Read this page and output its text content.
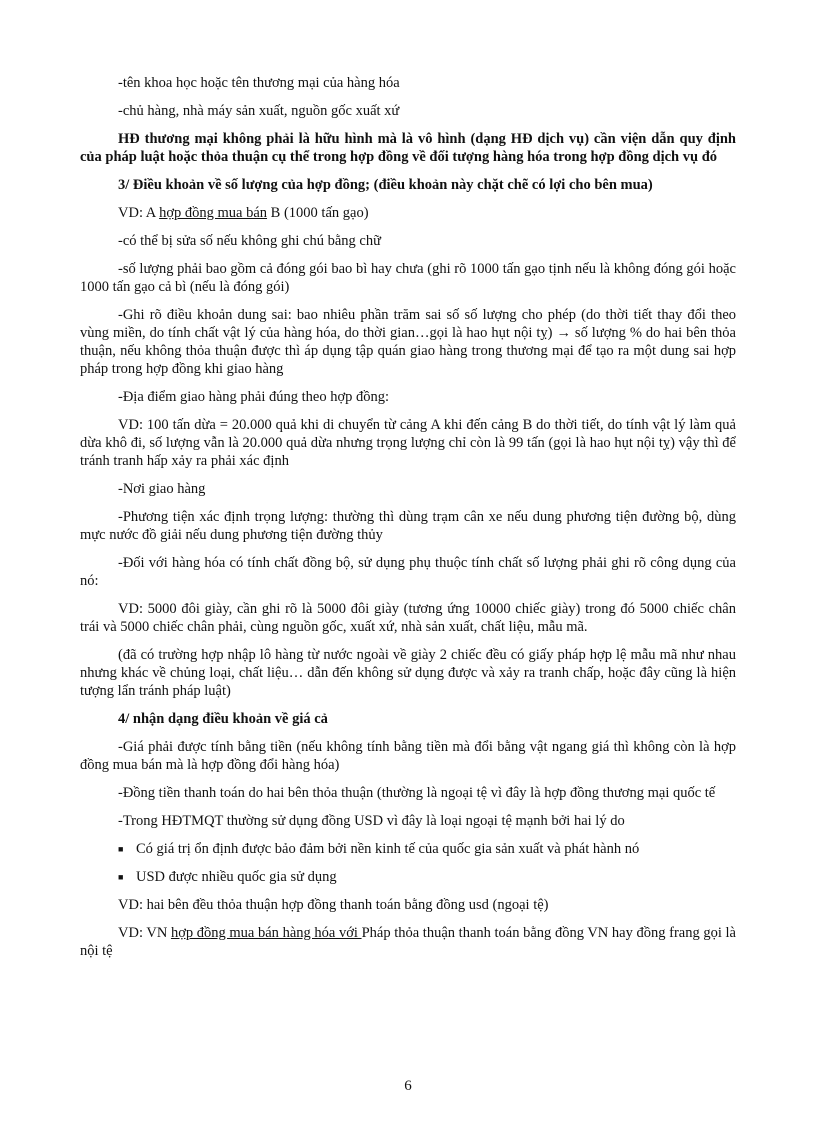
-tên khoa học hoặc tên thương mại của hàng hóa

-chủ hàng, nhà máy sản xuất, nguồn gốc xuất xứ

HĐ thương mại không phải là hữu hình mà là vô hình (dạng HĐ dịch vụ) cần viện dẫn quy định của pháp luật hoặc thỏa thuận cụ thể trong hợp đồng về đối tượng hàng hóa trong hợp đồng dịch vụ đó

3/ Điều khoản về số lượng của hợp đồng; (điều khoản này chặt chẽ có lợi cho bên mua)

VD: A hợp đồng mua bán B (1000 tấn gạo)

-có thể bị sửa số nếu không ghi chú bằng chữ

-số lượng phải bao gồm cả đóng gói bao bì hay chưa (ghi rõ 1000 tấn gạo tịnh nếu là không đóng gói hoặc 1000 tấn gạo cả bì (nếu là đóng gói)

-Ghi rõ điều khoản dung sai: bao nhiêu phần trăm sai số số lượng cho phép (do thời tiết thay đổi theo vùng miền, do tính chất vật lý của hàng hóa, do thời gian…gọi là hao hụt nội tỵ) → số lượng % do hai bên thỏa thuận, nếu không thỏa thuận được thì áp dụng tập quán giao hàng trong thương mại để tạo ra một dung sai hợp pháp trong hợp đồng khi giao hàng

-Địa điểm giao hàng phải đúng theo hợp đồng:

VD: 100 tấn dừa = 20.000 quả khi di chuyển từ cảng A khi đến cảng B do thời tiết, do tính vật lý làm quả dừa khô đi, số lượng vẫn là 20.000 quả dừa nhưng trọng lượng chỉ còn là 99 tấn (gọi là hao hụt nội tỵ) vậy thì để tránh tranh hấp xảy ra phải xác định

-Nơi giao hàng

-Phương tiện xác định trọng lượng: thường thì dùng trạm cân xe nếu dung phương tiện đường bộ, dùng mực nước đồ giải nếu dung phương tiện đường thủy

-Đối với hàng hóa có tính chất đồng bộ, sử dụng phụ thuộc tính chất số lượng phải ghi rõ công dụng của nó:

VD: 5000 đôi giày, cần ghi rõ là 5000 đôi giày (tương ứng 10000 chiếc giày) trong đó 5000 chiếc chân trái và 5000 chiếc chân phải, cùng nguồn gốc, xuất xứ, nhà sản xuất, chất liệu, mẫu mã.

(đã có trường hợp nhập lô hàng từ nước ngoài về giày 2 chiếc đều có giấy pháp hợp lệ mẫu mã như nhau nhưng khác về chủng loại, chất liệu… dẫn đến không sử dụng được và xảy ra tranh chấp, hoặc đây cũng là hiện tượng lẩn tránh pháp luật)

4/ nhận dạng điều khoản về giá cả

-Giá phải được tính bằng tiền (nếu không tính bằng tiền mà đổi bằng vật ngang giá thì không còn là hợp đồng mua bán mà là hợp đồng đổi hàng hóa)

-Đồng tiền thanh toán do hai bên thỏa thuận (thường là ngoại tệ vì đây là hợp đồng thương mại quốc tế

-Trong HĐTMQT thường sử dụng đồng USD vì đây là loại ngoại tệ mạnh bởi hai lý do

■ Có giá trị ổn định được bảo đảm bởi nền kinh tế của quốc gia sản xuất và phát hành nó
■ USD được nhiều quốc gia sử dụng

VD: hai bên đều thỏa thuận hợp đồng thanh toán bằng đồng usd (ngoại tệ)

VD: VN hợp đồng mua bán hàng hóa với Pháp thỏa thuận thanh toán bằng đồng VN hay đồng frang gọi là nội tệ

6
